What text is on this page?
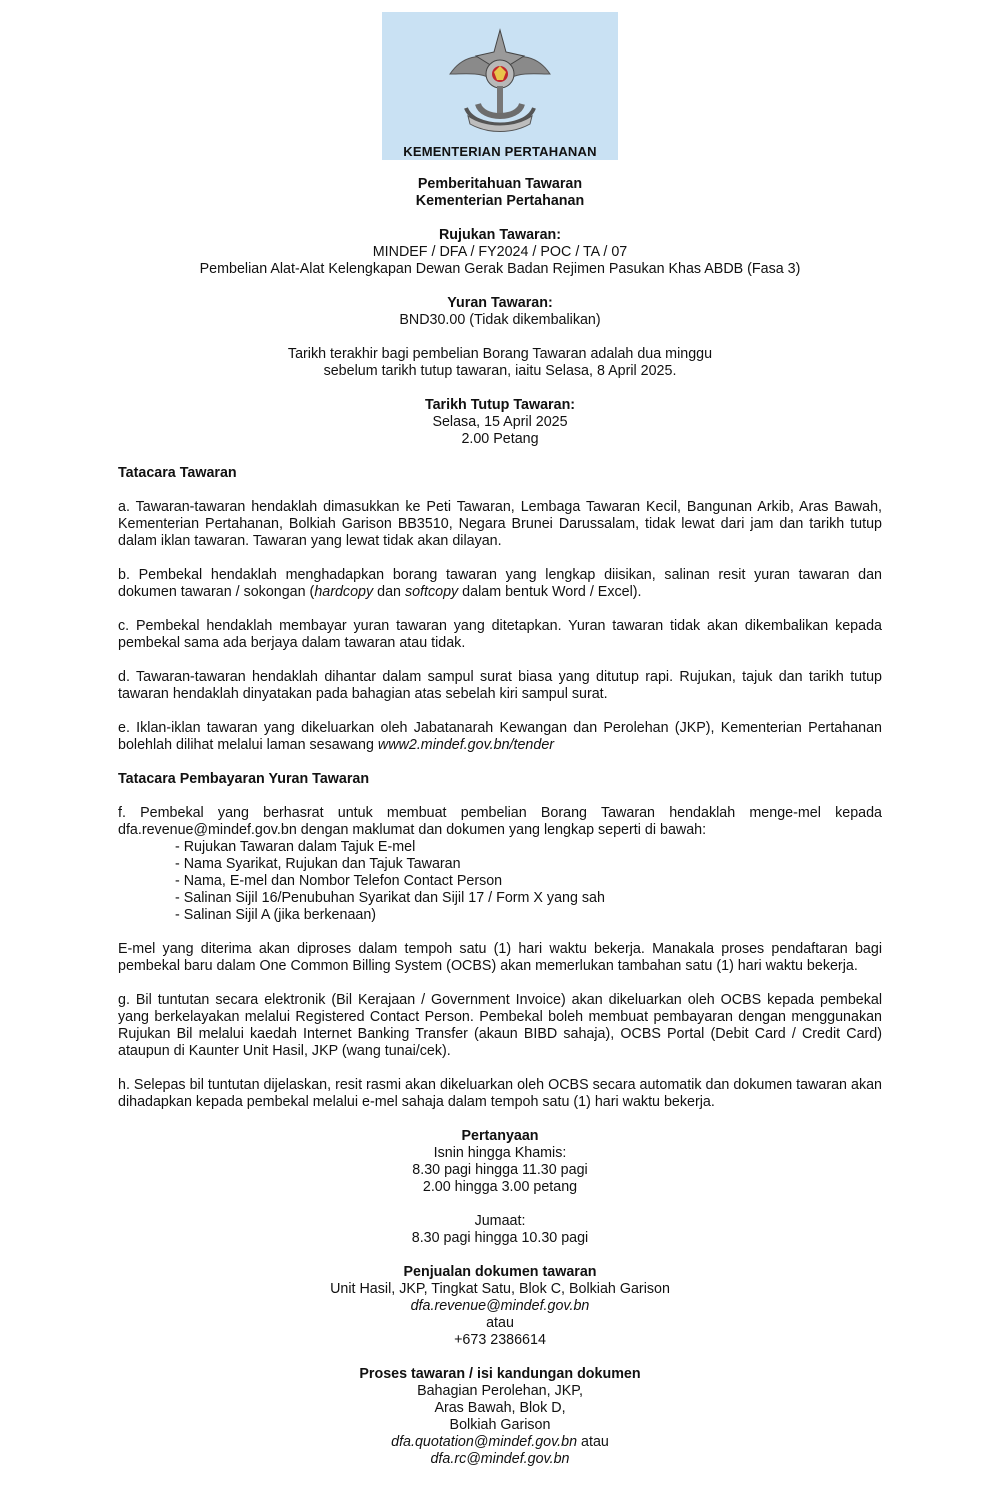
KEMENTERIAN PERTAHANAN

Pemberitahuan Tawaran

Kementerian Pertahanan

Rujukan Tawaran:

MINDEF / DFA / FY2024 / POC / TA / 07

Pembelian Alat-Alat Kelengkapan Dewan Gerak Badan Rejimen Pasukan Khas ABDB (Fasa 3)

Yuran Tawaran:

BND30.00 (Tidak dikembalikan)

Tarikh terakhir bagi pembelian Borang Tawaran adalah dua minggu

sebelum tarikh tutup tawaran, iaitu Selasa, 8 April 2025.

Tarikh Tutup Tawaran:

Selasa, 15 April 2025

2.00 Petang

Tatacara Tawaran

a. Tawaran-tawaran hendaklah dimasukkan ke Peti Tawaran, Lembaga Tawaran Kecil, Bangunan Arkib, Aras Bawah, Kementerian Pertahanan, Bolkiah Garison BB3510, Negara Brunei Darussalam, tidak lewat dari jam dan tarikh tutup dalam iklan tawaran. Tawaran yang lewat tidak akan dilayan.

b. Pembekal hendaklah menghadapkan borang tawaran yang lengkap diisikan, salinan resit yuran tawaran dan dokumen tawaran / sokongan (hardcopy dan softcopy dalam bentuk Word / Excel).

c. Pembekal hendaklah membayar yuran tawaran yang ditetapkan. Yuran tawaran tidak akan dikembalikan kepada pembekal sama ada berjaya dalam tawaran atau tidak.

d. Tawaran-tawaran hendaklah dihantar dalam sampul surat biasa yang ditutup rapi. Rujukan, tajuk dan tarikh tutup tawaran hendaklah dinyatakan pada bahagian atas sebelah kiri sampul surat.

e. Iklan-iklan tawaran yang dikeluarkan oleh Jabatanarah Kewangan dan Perolehan (JKP), Kementerian Pertahanan bolehlah dilihat melalui laman sesawang www2.mindef.gov.bn/tender

Tatacara Pembayaran Yuran Tawaran

f. Pembekal yang berhasrat untuk membuat pembelian Borang Tawaran hendaklah menge-mel kepada dfa.revenue@mindef.gov.bn dengan maklumat dan dokumen yang lengkap seperti di bawah:

- Rujukan Tawaran dalam Tajuk E-mel

- Nama Syarikat, Rujukan dan Tajuk Tawaran

- Nama, E-mel dan Nombor Telefon Contact Person

- Salinan Sijil 16/Penubuhan Syarikat dan Sijil 17 / Form X yang sah

- Salinan Sijil A (jika berkenaan)

E-mel yang diterima akan diproses dalam tempoh satu (1) hari waktu bekerja. Manakala proses pendaftaran bagi pembekal baru dalam One Common Billing System (OCBS) akan memerlukan tambahan satu (1) hari waktu bekerja.

g. Bil tuntutan secara elektronik (Bil Kerajaan / Government Invoice) akan dikeluarkan oleh OCBS kepada pembekal yang berkelayakan melalui Registered Contact Person. Pembekal boleh membuat pembayaran dengan menggunakan Rujukan Bil melalui kaedah Internet Banking Transfer (akaun BIBD sahaja), OCBS Portal (Debit Card / Credit Card) ataupun di Kaunter Unit Hasil, JKP (wang tunai/cek).

h. Selepas bil tuntutan dijelaskan, resit rasmi akan dikeluarkan oleh OCBS secara automatik dan dokumen tawaran akan dihadapkan kepada pembekal melalui e-mel sahaja dalam tempoh satu (1) hari waktu bekerja.

Pertanyaan

Isnin hingga Khamis:

8.30 pagi hingga 11.30 pagi

2.00 hingga 3.00 petang

Jumaat:

8.30 pagi hingga 10.30 pagi

Penjualan dokumen tawaran

Unit Hasil, JKP, Tingkat Satu, Blok C, Bolkiah Garison

dfa.revenue@mindef.gov.bn

atau

+673 2386614

Proses tawaran / isi kandungan dokumen

Bahagian Perolehan, JKP,

Aras Bawah, Blok D,

Bolkiah Garison

dfa.quotation@mindef.gov.bn atau

dfa.rc@mindef.gov.bn
